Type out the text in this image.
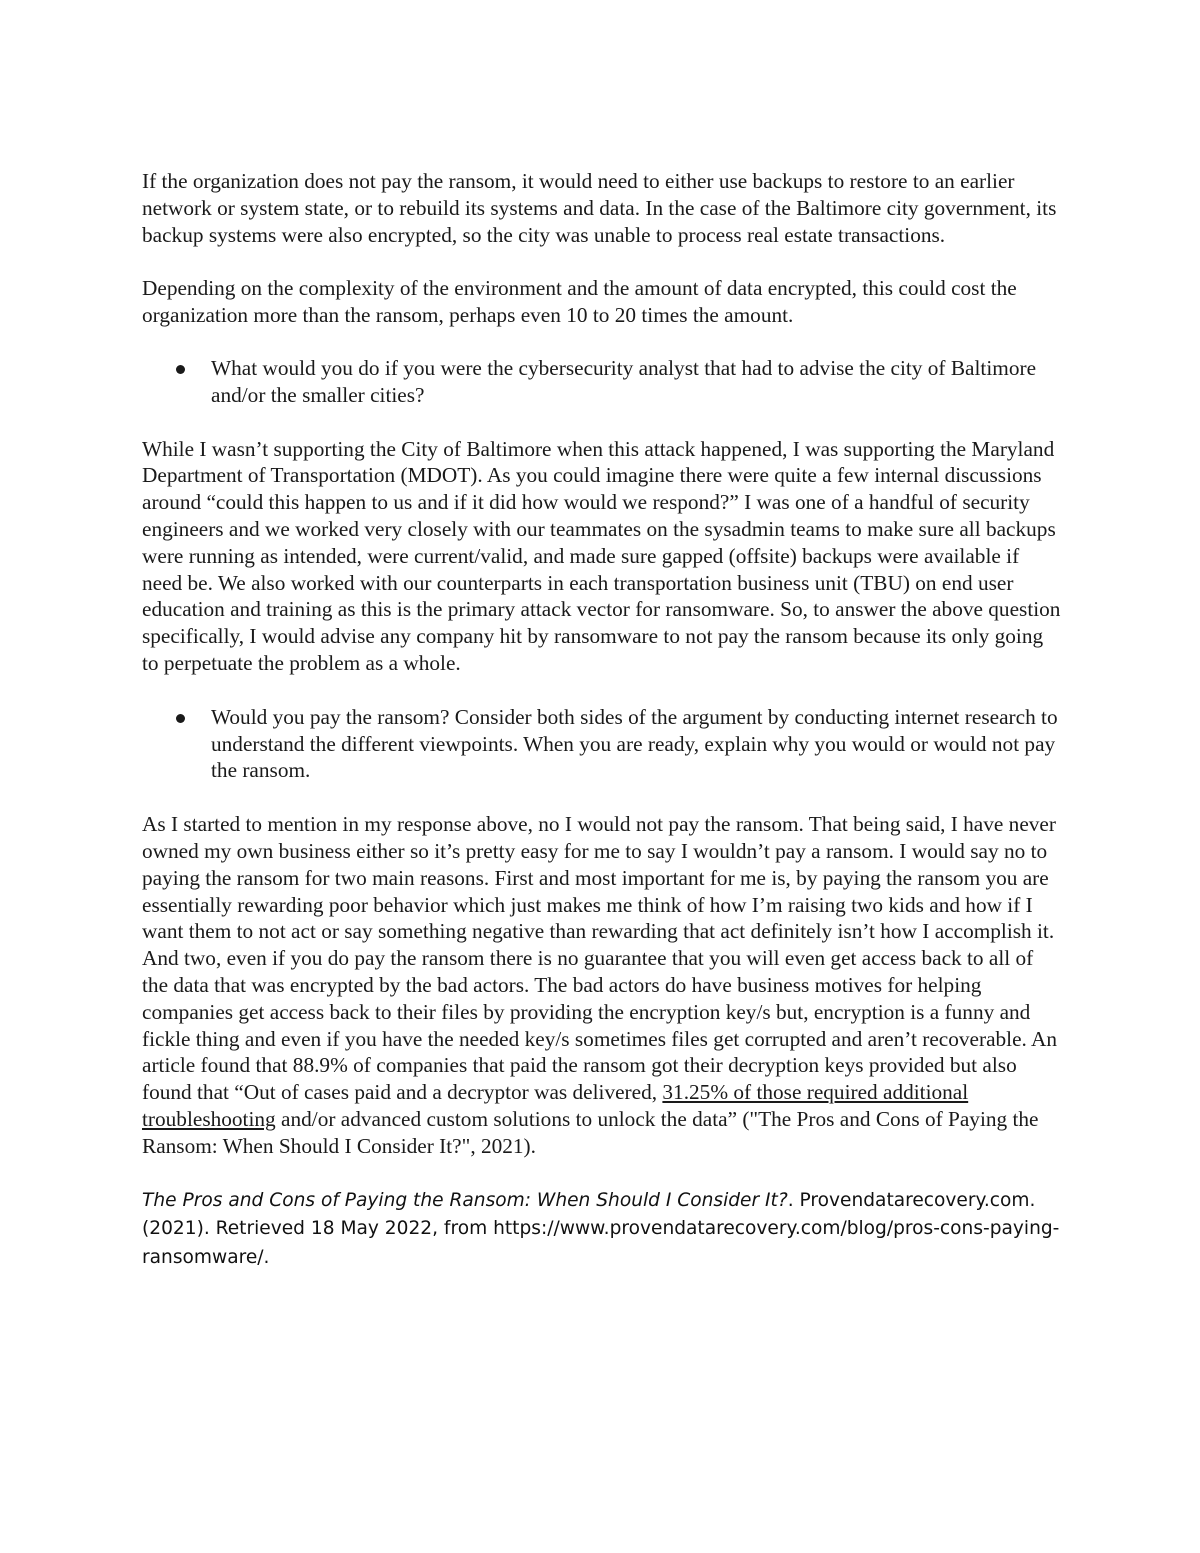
If the organization does not pay the ransom, it would need to either use backups to restore to an earlier network or system state, or to rebuild its systems and data. In the case of the Baltimore city government, its backup systems were also encrypted, so the city was unable to process real estate transactions.

Depending on the complexity of the environment and the amount of data encrypted, this could cost the organization more than the ransom, perhaps even 10 to 20 times the amount.

What would you do if you were the cybersecurity analyst that had to advise the city of Baltimore and/or the smaller cities?

While I wasn’t supporting the City of Baltimore when this attack happened, I was supporting the Maryland Department of Transportation (MDOT). As you could imagine there were quite a few internal discussions around “could this happen to us and if it did how would we respond?” I was one of a handful of security engineers and we worked very closely with our teammates on the sysadmin teams to make sure all backups were running as intended, were current/valid, and made sure gapped (offsite) backups were available if need be. We also worked with our counterparts in each transportation business unit (TBU) on end user education and training as this is the primary attack vector for ransomware. So, to answer the above question specifically, I would advise any company hit by ransomware to not pay the ransom because its only going to perpetuate the problem as a whole.

Would you pay the ransom? Consider both sides of the argument by conducting internet research to understand the different viewpoints. When you are ready, explain why you would or would not pay the ransom.

As I started to mention in my response above, no I would not pay the ransom. That being said, I have never owned my own business either so it’s pretty easy for me to say I wouldn’t pay a ransom. I would say no to paying the ransom for two main reasons. First and most important for me is, by paying the ransom you are essentially rewarding poor behavior which just makes me think of how I’m raising two kids and how if I want them to not act or say something negative than rewarding that act definitely isn’t how I accomplish it. And two, even if you do pay the ransom there is no guarantee that you will even get access back to all of the data that was encrypted by the bad actors. The bad actors do have business motives for helping companies get access back to their files by providing the encryption key/s but, encryption is a funny and fickle thing and even if you have the needed key/s sometimes files get corrupted and aren’t recoverable. An article found that 88.9% of companies that paid the ransom got their decryption keys provided but also found that “Out of cases paid and a decryptor was delivered, 31.25% of those required additional troubleshooting and/or advanced custom solutions to unlock the data” ("The Pros and Cons of Paying the Ransom: When Should I Consider It?", 2021).

The Pros and Cons of Paying the Ransom: When Should I Consider It?. Provendatarecovery.com. (2021). Retrieved 18 May 2022, from https://www.provendatarecovery.com/blog/pros-cons-paying-ransomware/.
